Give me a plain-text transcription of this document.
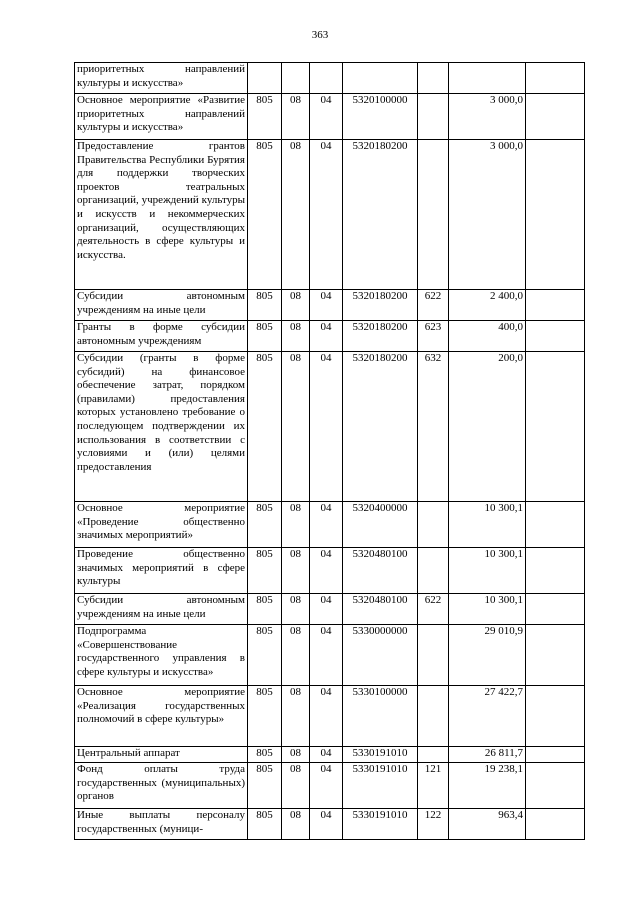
363
приоритетных направлений культуры и искусства»							
Основное мероприятие «Развитие приоритетных направлений культуры и искусства»	805	08	04	5320100000		3 000,0	
Предоставление грантов Правительства Республики Бурятия для поддержки творческих проектов театральных организаций, учреждений культуры и искусств и некоммерческих организаций, осуществляющих деятельность в сфере культуры и искусства.	805	08	04	5320180200		3 000,0	
Субсидии автономным учреждениям на иные цели	805	08	04	5320180200	622	2 400,0	
Гранты в форме субсидии автономным учреждениям	805	08	04	5320180200	623	400,0	
Субсидии (гранты в форме субсидий) на финансовое обеспечение затрат, порядком (правилами) предоставления которых установлено требование о последующем подтверждении их использования в соответствии с условиями и (или) целями предоставления	805	08	04	5320180200	632	200,0	
Основное мероприятие «Проведение общественно значимых мероприятий»	805	08	04	5320400000		10 300,1	
Проведение общественно значимых мероприятий в сфере культуры	805	08	04	5320480100		10 300,1	
Субсидии автономным учреждениям на иные цели	805	08	04	5320480100	622	10 300,1	
Подпрограмма «Совершенствование государственного управления в сфере культуры и искусства»	805	08	04	5330000000		29 010,9	
Основное мероприятие «Реализация государственных полномочий в сфере культуры»	805	08	04	5330100000		27 422,7	
Центральный аппарат	805	08	04	5330191010		26 811,7	
Фонд оплаты труда государственных (муниципальных) органов	805	08	04	5330191010	121	19 238,1	
Иные выплаты персоналу государственных (муници-	805	08	04	5330191010	122	963,4	
